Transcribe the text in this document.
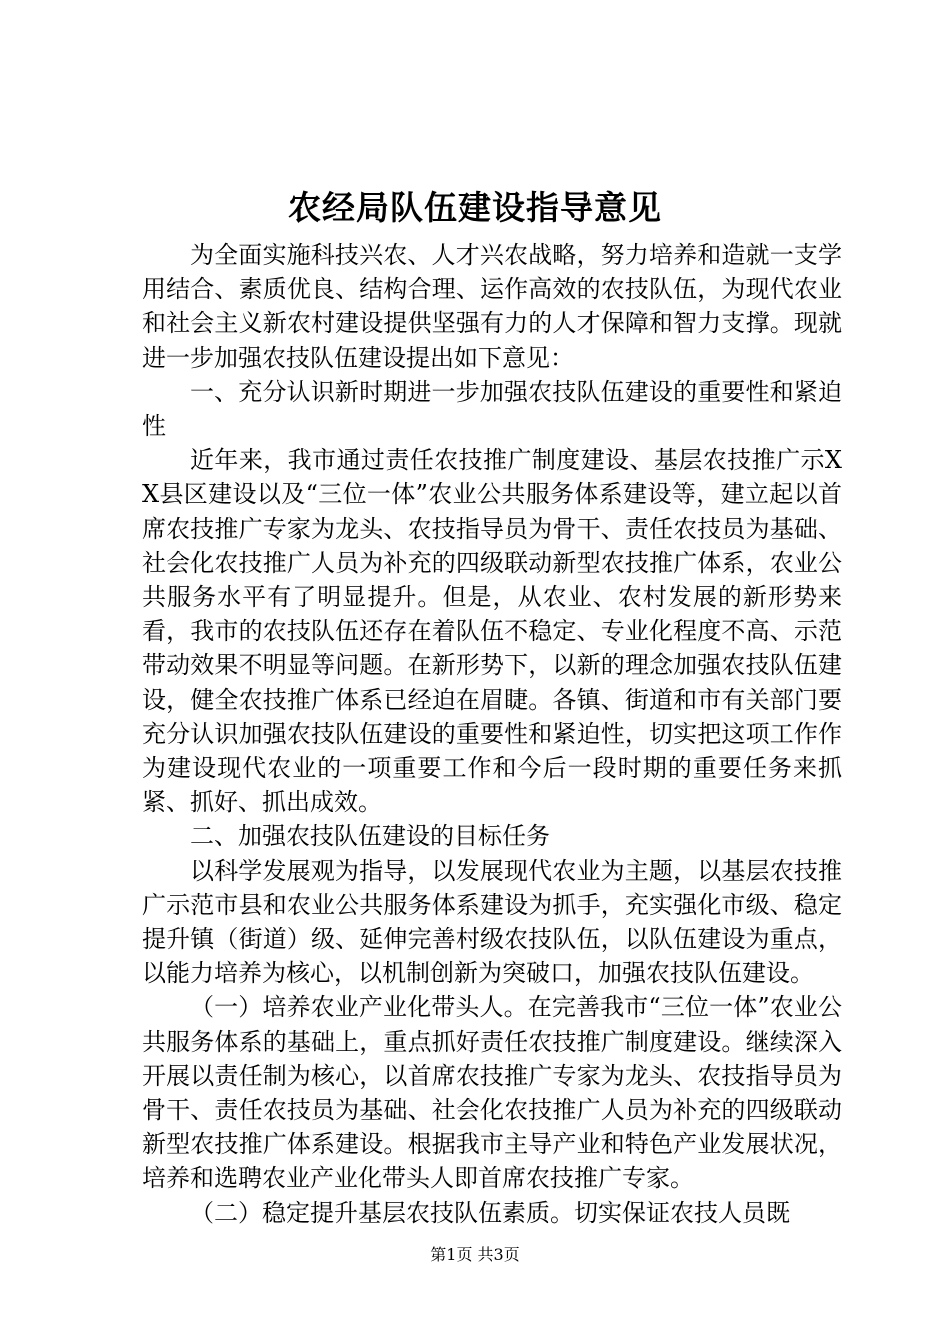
农经局队伍建设指导意见

为全面实施科技兴农、人才兴农战略，努力培养和造就一支学用结合、素质优良、结构合理、运作高效的农技队伍，为现代农业和社会主义新农村建设提供坚强有力的人才保障和智力支撑。现就进一步加强农技队伍建设提出如下意见：

一、充分认识新时期进一步加强农技队伍建设的重要性和紧迫性

近年来，我市通过责任农技推广制度建设、基层农技推广示XX县区建设以及“三位一体”农业公共服务体系建设等，建立起以首席农技推广专家为龙头、农技指导员为骨干、责任农技员为基础、社会化农技推广人员为补充的四级联动新型农技推广体系，农业公共服务水平有了明显提升。但是，从农业、农村发展的新形势来看，我市的农技队伍还存在着队伍不稳定、专业化程度不高、示范带动效果不明显等问题。在新形势下，以新的理念加强农技队伍建设，健全农技推广体系已经迫在眉睫。各镇、街道和市有关部门要充分认识加强农技队伍建设的重要性和紧迫性，切实把这项工作作为建设现代农业的一项重要工作和今后一段时期的重要任务来抓紧、抓好、抓出成效。

二、加强农技队伍建设的目标任务

以科学发展观为指导，以发展现代农业为主题，以基层农技推广示范市县和农业公共服务体系建设为抓手，充实强化市级、稳定提升镇（街道）级、延伸完善村级农技队伍，以队伍建设为重点，以能力培养为核心，以机制创新为突破口，加强农技队伍建设。

（一）培养农业产业化带头人。在完善我市“三位一体”农业公共服务体系的基础上，重点抓好责任农技推广制度建设。继续深入开展以责任制为核心，以首席农技推广专家为龙头、农技指导员为骨干、责任农技员为基础、社会化农技推广人员为补充的四级联动新型农技推广体系建设。根据我市主导产业和特色产业发展状况，培养和选聘农业产业化带头人即首席农技推广专家。

（二）稳定提升基层农技队伍素质。切实保证农技人员既

第1页 共3页
